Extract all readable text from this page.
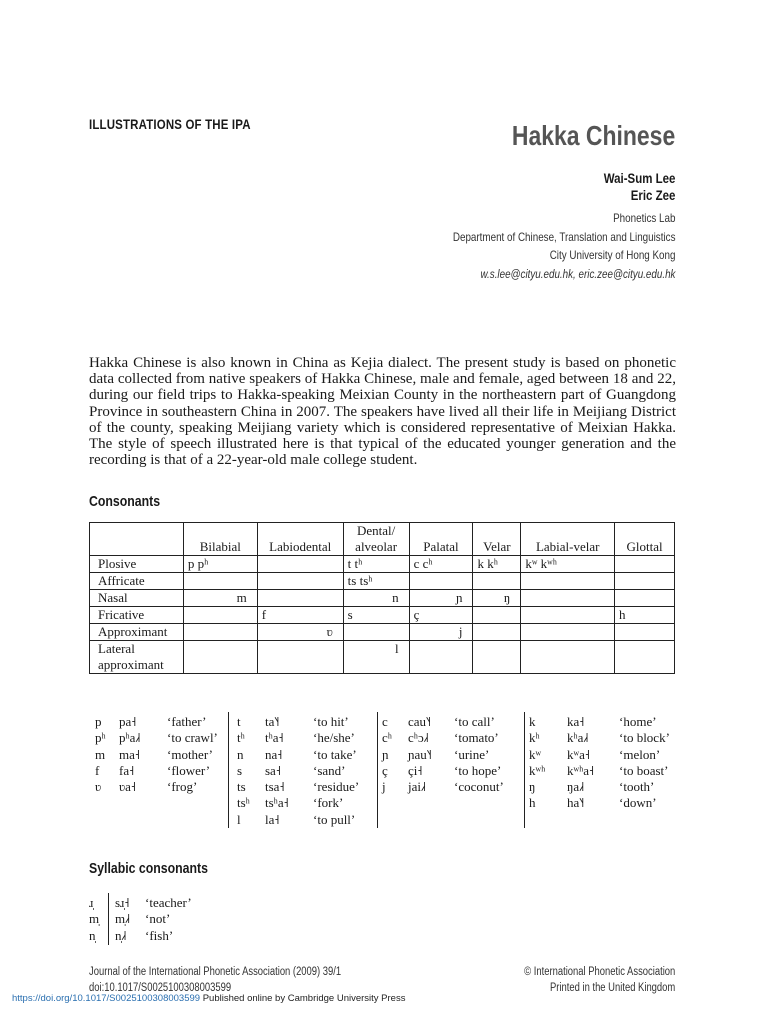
ILLUSTRATIONS OF THE IPA	Hakka Chinese
Wai-Sum Lee
Eric Zee
Phonetics Lab
Department of Chinese, Translation and Linguistics
City University of Hong Kong
w.s.lee@cityu.edu.hk, eric.zee@cityu.edu.hk
Hakka Chinese is also known in China as Kejia dialect. The present study is based on phonetic data collected from native speakers of Hakka Chinese, male and female, aged between 18 and 22, during our field trips to Hakka-speaking Meixian County in the northeastern part of Guangdong Province in southeastern China in 2007. The speakers have lived all their life in Meijiang District of the county, speaking Meijiang variety which is considered representative of Meixian Hakka. The style of speech illustrated here is that typical of the educated younger generation and the recording is that of a 22-year-old male college student.
Consonants
	Bilabial	Labiodental	Dental/ alveolar	Palatal	Velar	Labial-velar	Glottal
Plosive	p pʰ		t tʰ	c cʰ	k kʰ	kʷ kʷʰ	
Affricate			ts tsʰ				
Nasal	m		n	ɲ	ŋ		
Fricative		f	s	ç			h
Approximant		ʋ		j			
Lateral approximant			l				
p pa˧ ‘father’
pʰ pʰa˩˧ ‘to crawl’
m ma˧ ‘mother’
f fa˧	‘flower’
ʋ ʋa˧ ‘frog’
t ta˥˧	‘to hit’
tʰ tʰa˧ ‘he/she’
n na˧ ‘to take’
s sa˧ ‘sand’
ts tsa˧ ‘residue’
tsʰ tsʰa˧ ‘fork’
l la˧	‘to pull’
c cau˥˧ ‘to call’
cʰ cʰɔ˩˧ ‘tomato’
ɲ ɲau˥˧ ‘urine’
ç çi˧ ‘to hope’
j jai˩˧ ‘coconut’
k ka˧	‘home’
kʰ kʰa˩˧ ‘to block’
kʷ kʷa˧ ‘melon’
kʷʰ kʷʰa˧ ‘to boast’
ŋ ŋa˩˧	‘tooth’
h ha˥˧	‘down’
Syllabic consonants
ɹ̩ sɹ̩˧ ‘teacher’
m̩ m̩˩˧ ‘not’
n̩ n̩˩˧ ‘fish’
Journal of the International Phonetic Association (2009) 39/1
doi:10.1017/S0025100308003599
© International Phonetic Association
Printed in the United Kingdom
https://doi.org/10.1017/S0025100308003599 Published online by Cambridge University Press
